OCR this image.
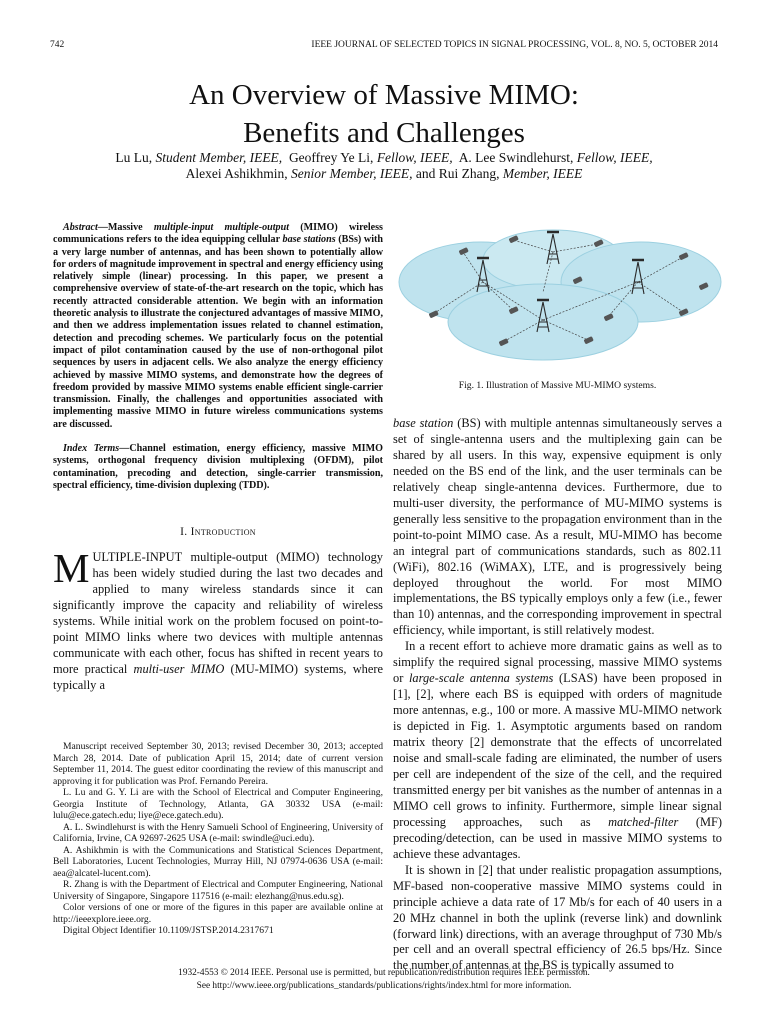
742	IEEE JOURNAL OF SELECTED TOPICS IN SIGNAL PROCESSING, VOL. 8, NO. 5, OCTOBER 2014
An Overview of Massive MIMO:
Benefits and Challenges
Lu Lu, Student Member, IEEE, Geoffrey Ye Li, Fellow, IEEE, A. Lee Swindlehurst, Fellow, IEEE,
Alexei Ashikhmin, Senior Member, IEEE, and Rui Zhang, Member, IEEE

Abstract—Massive multiple-input multiple-output (MIMO) wireless communications refers to the idea equipping cellular base stations (BSs) with a very large number of antennas, and has been shown to potentially allow for orders of magnitude improvement in spectral and energy efficiency using relatively simple (linear) processing. In this paper, we present a comprehensive overview of state-of-the-art research on the topic, which has recently attracted considerable attention. We begin with an information theoretic analysis to illustrate the conjectured advantages of massive MIMO, and then we address implementation issues related to channel estimation, detection and precoding schemes. We particularly focus on the potential impact of pilot contamination caused by the use of non-orthogonal pilot sequences by users in adjacent cells. We also analyze the energy efficiency achieved by massive MIMO systems, and demonstrate how the degrees of freedom provided by massive MIMO systems enable efficient single-carrier transmission. Finally, the challenges and opportunities associated with implementing massive MIMO in future wireless communications systems are discussed.

Index Terms—Channel estimation, energy efficiency, massive MIMO systems, orthogonal frequency division multiplexing (OFDM), pilot contamination, precoding and detection, single-carrier transmission, spectral efficiency, time-division duplexing (TDD).

I. Introduction

MULTIPLE-INPUT multiple-output (MIMO) technology has been widely studied during the last two decades and applied to many wireless standards since it can significantly improve the capacity and reliability of wireless systems. While initial work on the problem focused on point-to-point MIMO links where two devices with multiple antennas communicate with each other, focus has shifted in recent years to more practical multi-user MIMO (MU-MIMO) systems, where typically a

Manuscript received September 30, 2013; revised December 30, 2013; accepted March 28, 2014. Date of publication April 15, 2014; date of current version September 11, 2014. The guest editor coordinating the review of this manuscript and approving it for publication was Prof. Fernando Pereira.

L. Lu and G. Y. Li are with the School of Electrical and Computer Engineering, Georgia Institute of Technology, Atlanta, GA 30332 USA (e-mail: lulu@ece.gatech.edu; liye@ece.gatech.edu).

A. L. Swindlehurst is with the Henry Samueli School of Engineering, University of California, Irvine, CA 92697-2625 USA (e-mail: swindle@uci.edu).

A. Ashikhmin is with the Communications and Statistical Sciences Department, Bell Laboratories, Lucent Technologies, Murray Hill, NJ 07974-0636 USA (e-mail: aea@alcatel-lucent.com).

R. Zhang is with the Department of Electrical and Computer Engineering, National University of Singapore, Singapore 117516 (e-mail: elezhang@nus.edu.sg).

Color versions of one or more of the figures in this paper are available online at http://ieeexplore.ieee.org.

Digital Object Identifier 10.1109/JSTSP.2014.2317671

Fig. 1. Illustration of Massive MU-MIMO systems.

base station (BS) with multiple antennas simultaneously serves a set of single-antenna users and the multiplexing gain can be shared by all users. In this way, expensive equipment is only needed on the BS end of the link, and the user terminals can be relatively cheap single-antenna devices. Furthermore, due to multi-user diversity, the performance of MU-MIMO systems is generally less sensitive to the propagation environment than in the point-to-point MIMO case. As a result, MU-MIMO has become an integral part of communications standards, such as 802.11 (WiFi), 802.16 (WiMAX), LTE, and is progressively being deployed throughout the world. For most MIMO implementations, the BS typically employs only a few (i.e., fewer than 10) antennas, and the corresponding improvement in spectral efficiency, while important, is still relatively modest.

In a recent effort to achieve more dramatic gains as well as to simplify the required signal processing, massive MIMO systems or large-scale antenna systems (LSAS) have been proposed in [1], [2], where each BS is equipped with orders of magnitude more antennas, e.g., 100 or more. A massive MU-MIMO network is depicted in Fig. 1. Asymptotic arguments based on random matrix theory [2] demonstrate that the effects of uncorrelated noise and small-scale fading are eliminated, the number of users per cell are independent of the size of the cell, and the required transmitted energy per bit vanishes as the number of antennas in a MIMO cell grows to infinity. Furthermore, simple linear signal processing approaches, such as matched-filter (MF) precoding/detection, can be used in massive MIMO systems to achieve these advantages.

It is shown in [2] that under realistic propagation assumptions, MF-based non-cooperative massive MIMO systems could in principle achieve a data rate of 17 Mb/s for each of 40 users in a 20 MHz channel in both the uplink (reverse link) and downlink (forward link) directions, with an average throughput of 730 Mb/s per cell and an overall spectral efficiency of 26.5 bps/Hz. Since the number of antennas at the BS is typically assumed to

1932-4553 © 2014 IEEE. Personal use is permitted, but republication/redistribution requires IEEE permission.
See http://www.ieee.org/publications_standards/publications/rights/index.html for more information.
